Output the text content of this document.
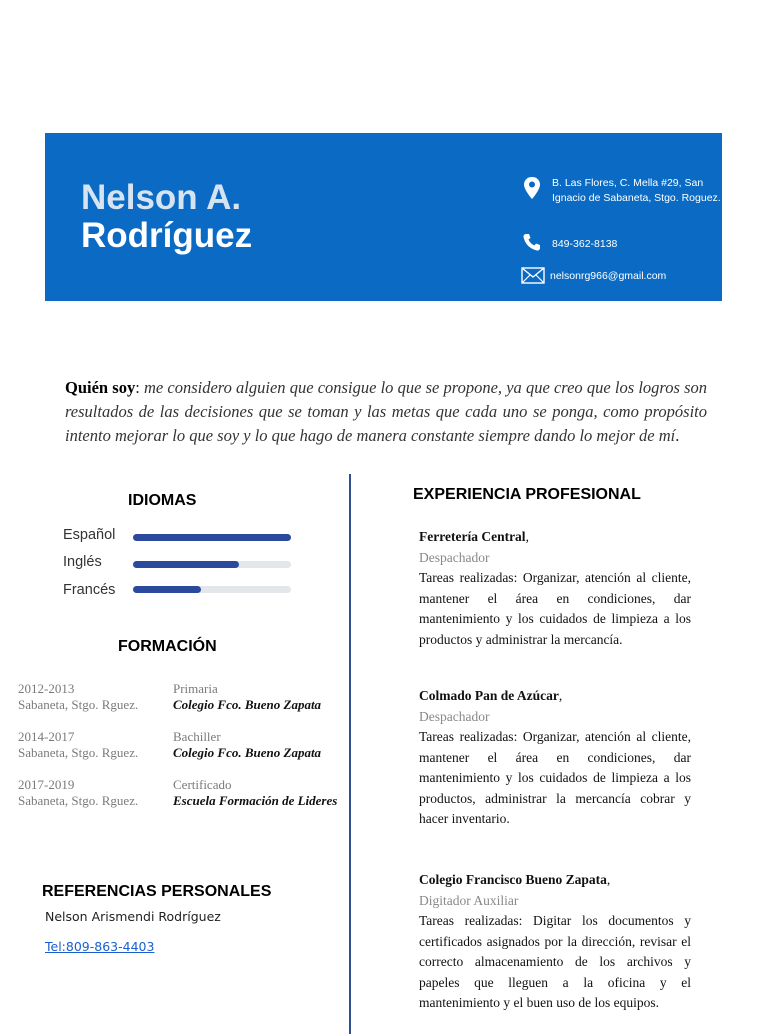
Nelson A.
Rodríguez
B. Las Flores, C. Mella #29, San Ignacio de Sabaneta, Stgo. Roguez.
849-362-8138
nelsonrg966@gmail.com
Quién soy: me considero alguien que consigue lo que se propone, ya que creo que los logros son resultados de las decisiones que se toman y las metas que cada uno se ponga, como propósito intento mejorar lo que soy y lo que hago de manera constante siempre dando lo mejor de mí.
IDIOMAS
Español
Inglés
Francés
FORMACIÓN
2012-2013
Sabaneta, Stgo. Rguez.
Primaria
Colegio Fco. Bueno Zapata
2014-2017
Sabaneta, Stgo. Rguez.
Bachiller
Colegio Fco. Bueno Zapata
2017-2019
Sabaneta, Stgo. Rguez.
Certificado
Escuela Formación de Lideres
REFERENCIAS PERSONALES
Nelson Arismendi Rodríguez
Tel:809-863-4403
EXPERIENCIA PROFESIONAL
Ferretería Central,
Despachador
Tareas realizadas: Organizar, atención al cliente, mantener el área en condiciones, dar mantenimiento y los cuidados de limpieza a los productos y administrar la mercancía.
Colmado Pan de Azúcar,
Despachador
Tareas realizadas: Organizar, atención al cliente, mantener el área en condiciones, dar mantenimiento y los cuidados de limpieza a los productos, administrar la mercancía cobrar y hacer inventario.
Colegio Francisco Bueno Zapata,
Digitador Auxiliar
Tareas realizadas: Digitar los documentos y certificados asignados por la dirección, revisar el correcto almacenamiento de los archivos y papeles que lleguen a la oficina y el mantenimiento y el buen uso de los equipos.
